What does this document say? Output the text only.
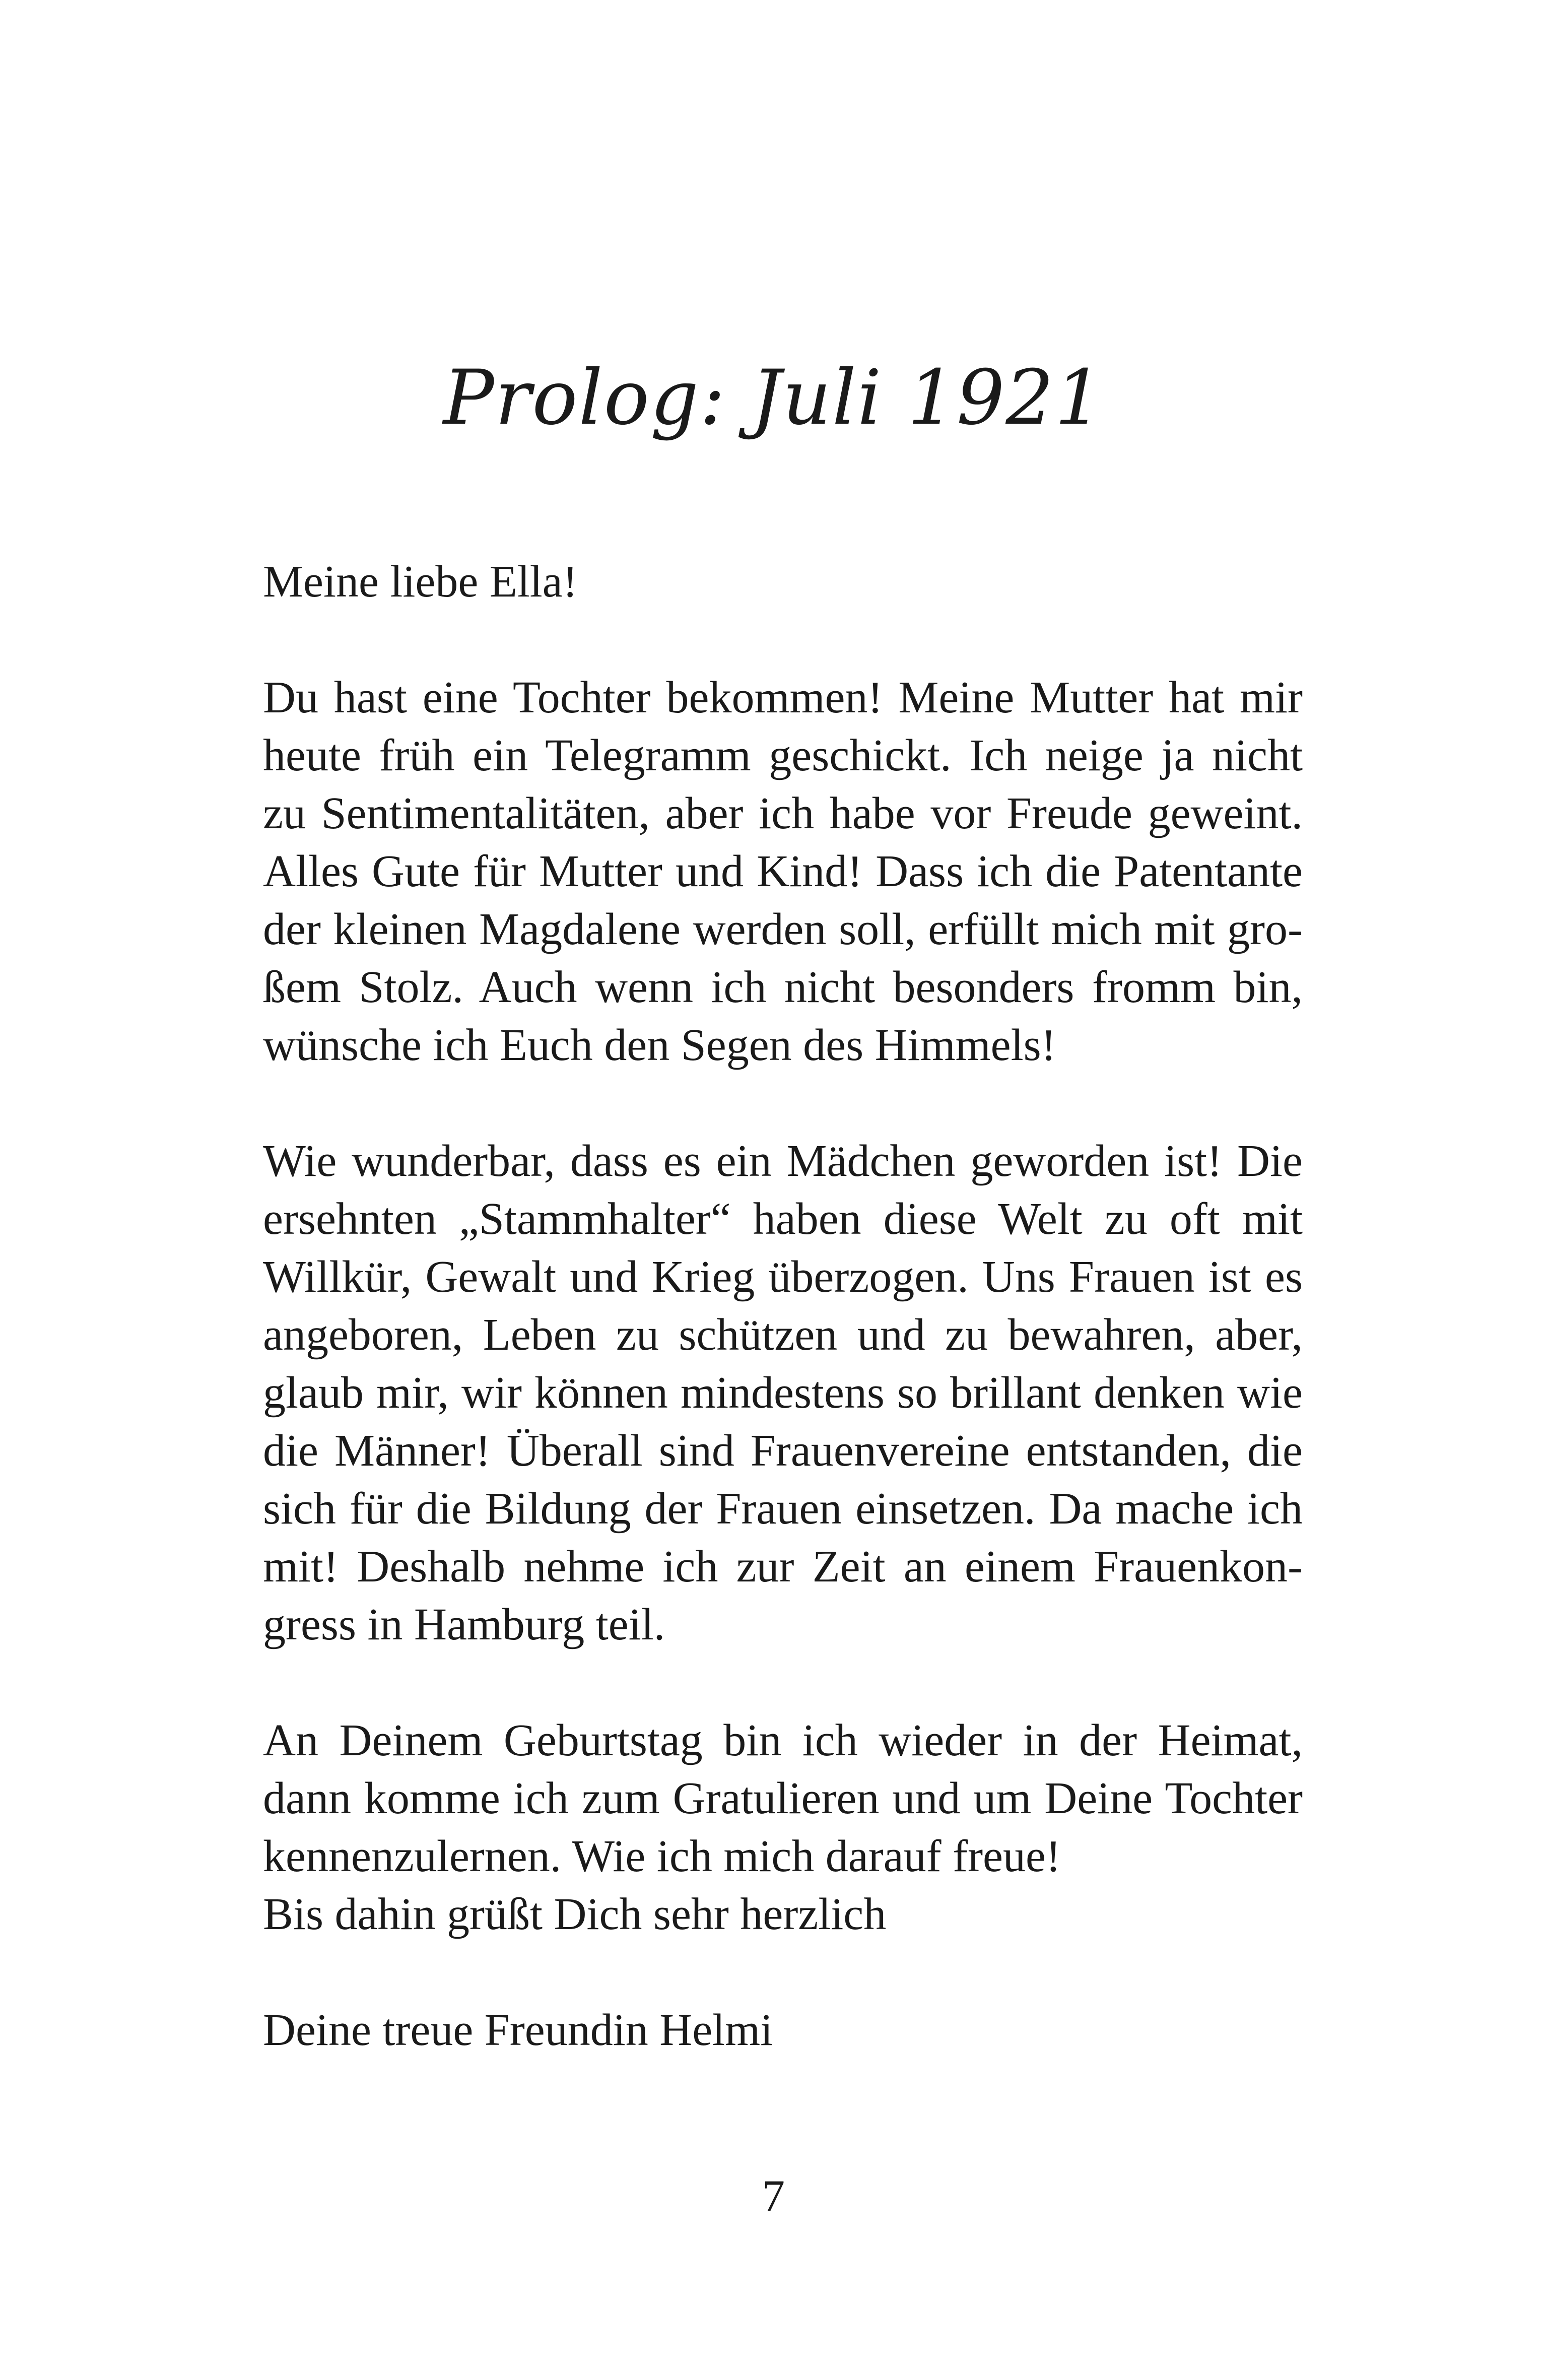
Prolog: Juli 1921
Meine liebe Ella!
Du hast eine Tochter bekommen! Meine Mutter hat mir
heute früh ein Telegramm geschickt. Ich neige ja nicht
zu Sentimentalitäten, aber ich habe vor Freude geweint.
Alles Gute für Mutter und Kind! Dass ich die Patentante
der kleinen Magdalene werden soll, erfüllt mich mit gro-
ßem Stolz. Auch wenn ich nicht besonders fromm bin,
wünsche ich Euch den Segen des Himmels!
Wie wunderbar, dass es ein Mädchen geworden ist! Die
ersehnten „Stammhalter“ haben diese Welt zu oft mit
Willkür, Gewalt und Krieg überzogen. Uns Frauen ist es
angeboren, Leben zu schützen und zu bewahren, aber,
glaub mir, wir können mindestens so brillant denken wie
die Männer! Überall sind Frauenvereine entstanden, die
sich für die Bildung der Frauen einsetzen. Da mache ich
mit! Deshalb nehme ich zur Zeit an einem Frauenkon-
gress in Hamburg teil.
An Deinem Geburtstag bin ich wieder in der Heimat,
dann komme ich zum Gratulieren und um Deine Tochter
kennenzulernen. Wie ich mich darauf freue!
Bis dahin grüßt Dich sehr herzlich
Deine treue Freundin Helmi
7
